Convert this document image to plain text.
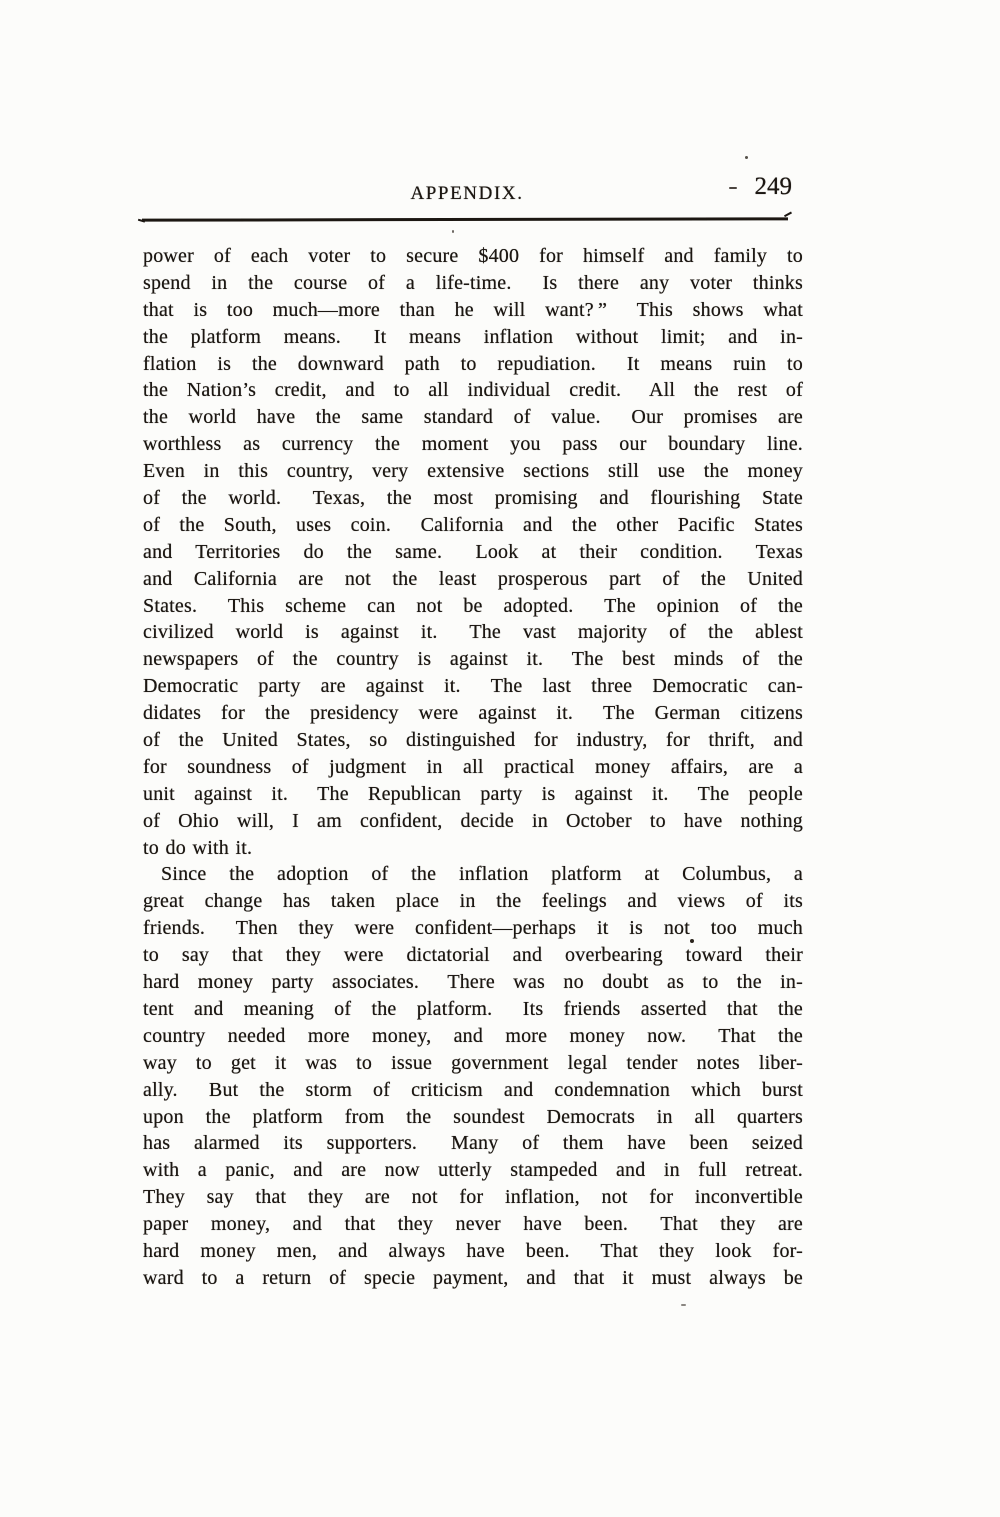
APPENDIX.	249
power of each voter to secure $400 for himself and family to
spend in the course of a life-time.  Is there any voter thinks
that is too much—more than he will want? ”  This shows what
the platform means.  It means inflation without limit; and in-
flation is the downward path to repudiation.  It means ruin to
the Nation’s credit, and to all individual credit.  All the rest of
the world have the same standard of value.  Our promises are
worthless as currency the moment you pass our boundary line.
Even in this country, very extensive sections still use the money
of the world.  Texas, the most promising and flourishing State
of the South, uses coin.  California and the other Pacific States
and Territories do the same.  Look at their condition.  Texas
and California are not the least prosperous part of the United
States.  This scheme can not be adopted.  The opinion of the
civilized world is against it.  The vast majority of the ablest
newspapers of the country is against it.  The best minds of the
Democratic party are against it.  The last three Democratic can-
didates for the presidency were against it.  The German citizens
of the United States, so distinguished for industry, for thrift, and
for soundness of judgment in all practical money affairs, are a
unit against it.  The Republican party is against it.  The people
of Ohio will, I am confident, decide in October to have nothing
to do with it.
Since the adoption of the inflation platform at Columbus, a
great change has taken place in the feelings and views of its
friends.  Then they were confident—perhaps it is not too much
to say that they were dictatorial and overbearing toward their
hard money party associates.  There was no doubt as to the in-
tent and meaning of the platform.  Its friends asserted that the
country needed more money, and more money now.  That the
way to get it was to issue government legal tender notes liber-
ally.  But the storm of criticism and condemnation which burst
upon the platform from the soundest Democrats in all quarters
has alarmed its supporters.  Many of them have been seized
with a panic, and are now utterly stampeded and in full retreat.
They say that they are not for inflation, not for inconvertible
paper money, and that they never have been.  That they are
hard money men, and always have been.  That they look for-
ward to a return of specie payment, and that it must always be
